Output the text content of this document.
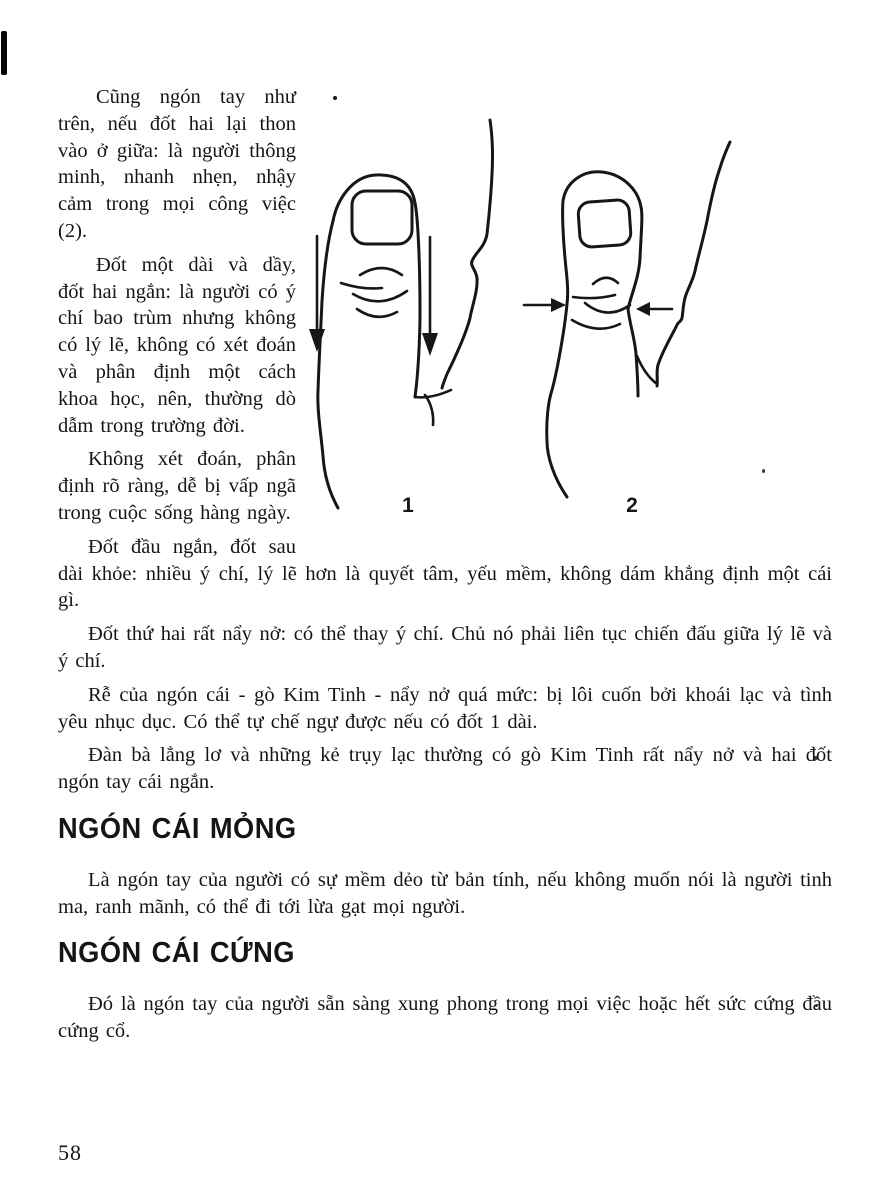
1	2

Cũng ngón tay như trên, nếu đốt hai lại thon vào ở giữa: là người thông minh, nhanh nhẹn, nhậy cảm trong mọi công việc (2).

Đốt một dài và dầy, đốt hai ngắn: là người có ý chí bao trùm nhưng không có lý lẽ, không có xét đoán và phân định một cách khoa học, nên, thường dò dẫm trong trường đời.

Không xét đoán, phân định rõ ràng, dễ bị vấp ngã trong cuộc sống hàng ngày.

Đốt đầu ngắn, đốt sau dài khỏe: nhiều ý chí, lý lẽ hơn là quyết tâm, yếu mềm, không dám khẳng định một cái gì.

Đốt thứ hai rất nẩy nở: có thể thay ý chí. Chủ nó phải liên tục chiến đấu giữa lý lẽ và ý chí.

Rễ của ngón cái - gò Kim Tinh - nẩy nở quá mức: bị lôi cuốn bởi khoái lạc và tình yêu nhục dục. Có thể tự chế ngự được nếu có đốt 1 dài.

Đàn bà lẳng lơ và những kẻ trụy lạc thường có gò Kim Tinh rất nẩy nở và hai đốt ngón tay cái ngắn.

NGÓN CÁI MỎNG

Là ngón tay của người có sự mềm dẻo từ bản tính, nếu không muốn nói là người tinh ma, ranh mãnh, có thể đi tới lừa gạt mọi người.

NGÓN CÁI CỨNG

Đó là ngón tay của người sẵn sàng xung phong trong mọi việc hoặc hết sức cứng đầu cứng cổ.

58
